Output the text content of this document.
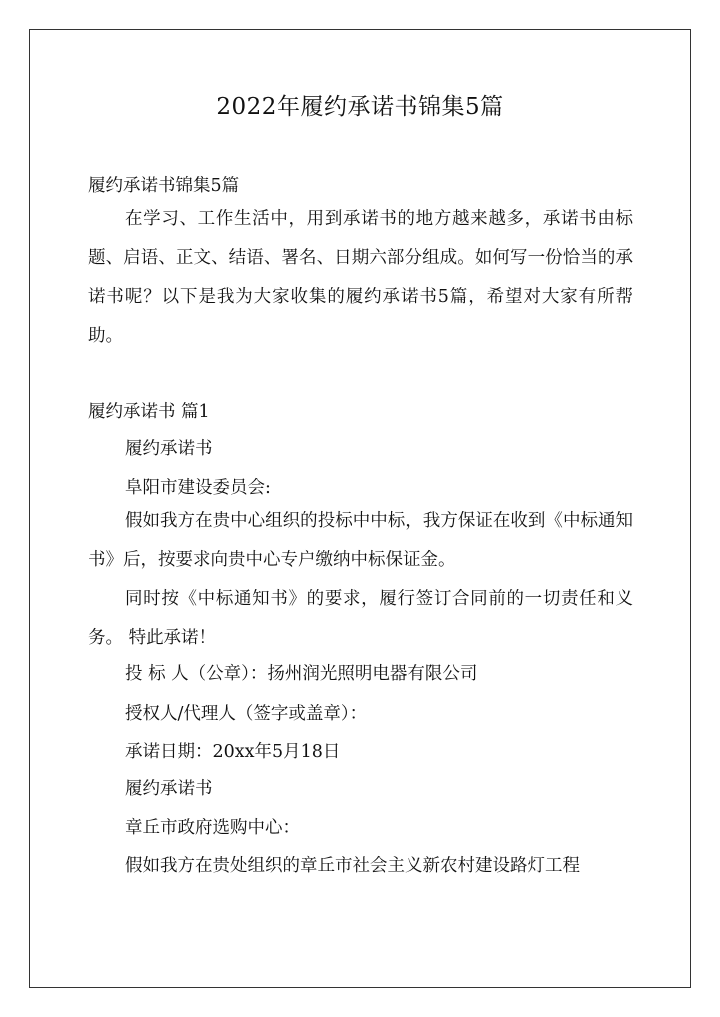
2022年履约承诺书锦集5篇
履约承诺书锦集5篇

在学习、工作生活中，用到承诺书的地方越来越多，承诺书由标题、启语、正文、结语、署名、日期六部分组成。如何写一份恰当的承诺书呢？以下是我为大家收集的履约承诺书5篇，希望对大家有所帮助。

履约承诺书 篇1
履约承诺书
阜阳市建设委员会:

假如我方在贵中心组织的投标中中标，我方保证在收到《中标通知书》后，按要求向贵中心专户缴纳中标保证金。

同时按《中标通知书》的要求，履行签订合同前的一切责任和义务。 特此承诺！

投 标 人（公章）：扬州润光照明电器有限公司
授权人/代理人（签字或盖章）：
承诺日期：20xx年5月18日
履约承诺书
章丘市政府选购中心：
假如我方在贵处组织的章丘市社会主义新农村建设路灯工程
